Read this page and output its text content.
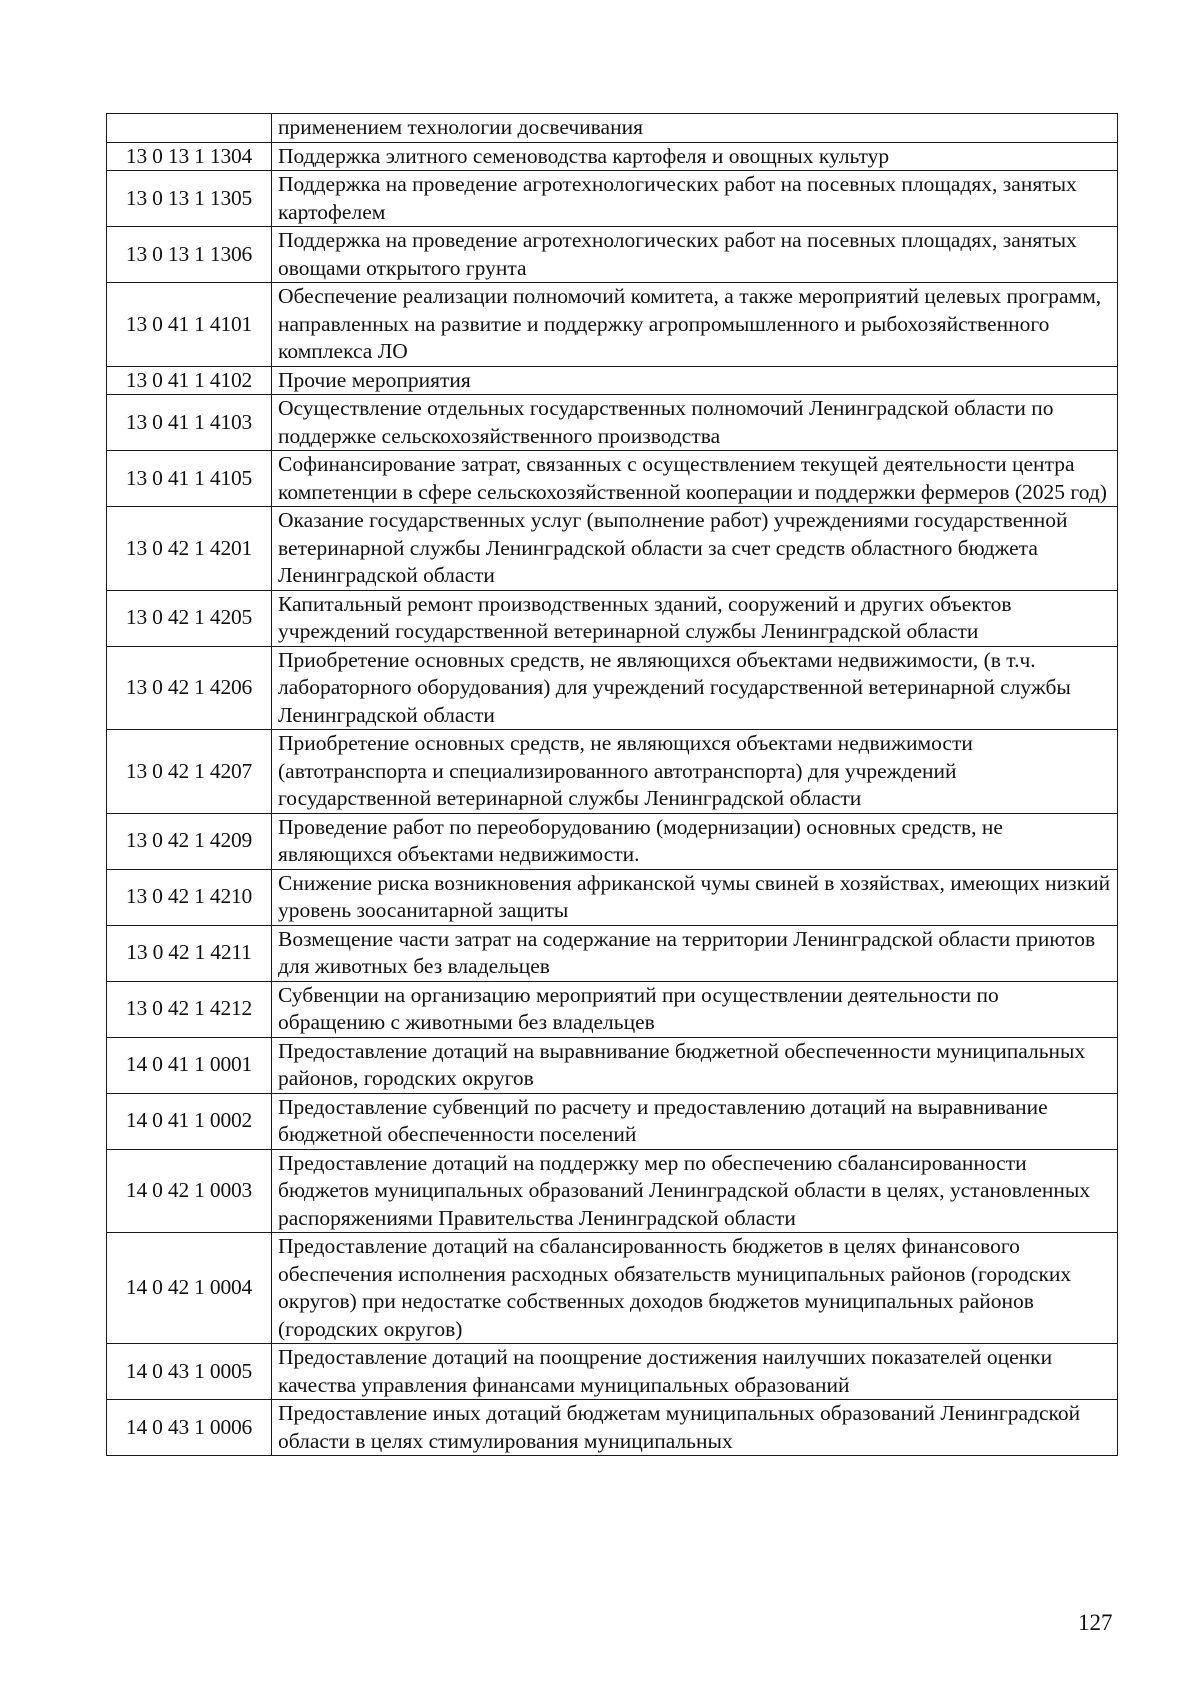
	применением технологии досвечивания
13 0 13 1 1304	Поддержка элитного семеноводства картофеля и овощных культур
13 0 13 1 1305	Поддержка на проведение агротехнологических работ на посевных площадях, занятых картофелем
13 0 13 1 1306	Поддержка на проведение агротехнологических работ на посевных площадях, занятых овощами открытого грунта
13 0 41 1 4101	Обеспечение реализации полномочий комитета, а также мероприятий целевых программ, направленных на развитие и поддержку агропромышленного и рыбохозяйственного комплекса ЛО
13 0 41 1 4102	Прочие мероприятия
13 0 41 1 4103	Осуществление отдельных государственных полномочий Ленинградской области по поддержке сельскохозяйственного производства
13 0 41 1 4105	Софинансирование затрат, связанных с осуществлением текущей деятельности центра компетенции в сфере сельскохозяйственной кооперации и поддержки фермеров (2025 год)
13 0 42 1 4201	Оказание государственных услуг (выполнение работ) учреждениями государственной ветеринарной службы Ленинградской области за счет средств областного бюджета Ленинградской области
13 0 42 1 4205	Капитальный ремонт производственных зданий, сооружений и других объектов учреждений государственной ветеринарной службы Ленинградской области
13 0 42 1 4206	Приобретение основных средств, не являющихся объектами недвижимости, (в т.ч. лабораторного оборудования) для учреждений государственной ветеринарной службы Ленинградской области
13 0 42 1 4207	Приобретение основных средств, не являющихся объектами недвижимости (автотранспорта и специализированного автотранспорта) для учреждений государственной ветеринарной службы Ленинградской области
13 0 42 1 4209	Проведение работ по переоборудованию (модернизации) основных средств, не являющихся объектами недвижимости.
13 0 42 1 4210	Снижение риска возникновения африканской чумы свиней в хозяйствах, имеющих низкий уровень зоосанитарной защиты
13 0 42 1 4211	Возмещение части затрат на содержание на территории Ленинградской области приютов для животных без владельцев
13 0 42 1 4212	Субвенции на организацию мероприятий при осуществлении деятельности по обращению с животными без владельцев
14 0 41 1 0001	Предоставление дотаций на выравнивание бюджетной обеспеченности муниципальных районов, городских округов
14 0 41 1 0002	Предоставление субвенций по расчету и предоставлению дотаций на выравнивание бюджетной обеспеченности поселений
14 0 42 1 0003	Предоставление дотаций на поддержку мер по обеспечению сбалансированности бюджетов муниципальных образований Ленинградской области в целях, установленных распоряжениями Правительства Ленинградской области
14 0 42 1 0004	Предоставление дотаций на сбалансированность бюджетов в целях финансового обеспечения исполнения расходных обязательств муниципальных районов (городских округов) при недостатке собственных доходов бюджетов муниципальных районов (городских округов)
14 0 43 1 0005	Предоставление дотаций на поощрение достижения наилучших показателей оценки качества управления финансами муниципальных образований
14 0 43 1 0006	Предоставление иных дотаций бюджетам муниципальных образований Ленинградской области в целях стимулирования муниципальных
127
